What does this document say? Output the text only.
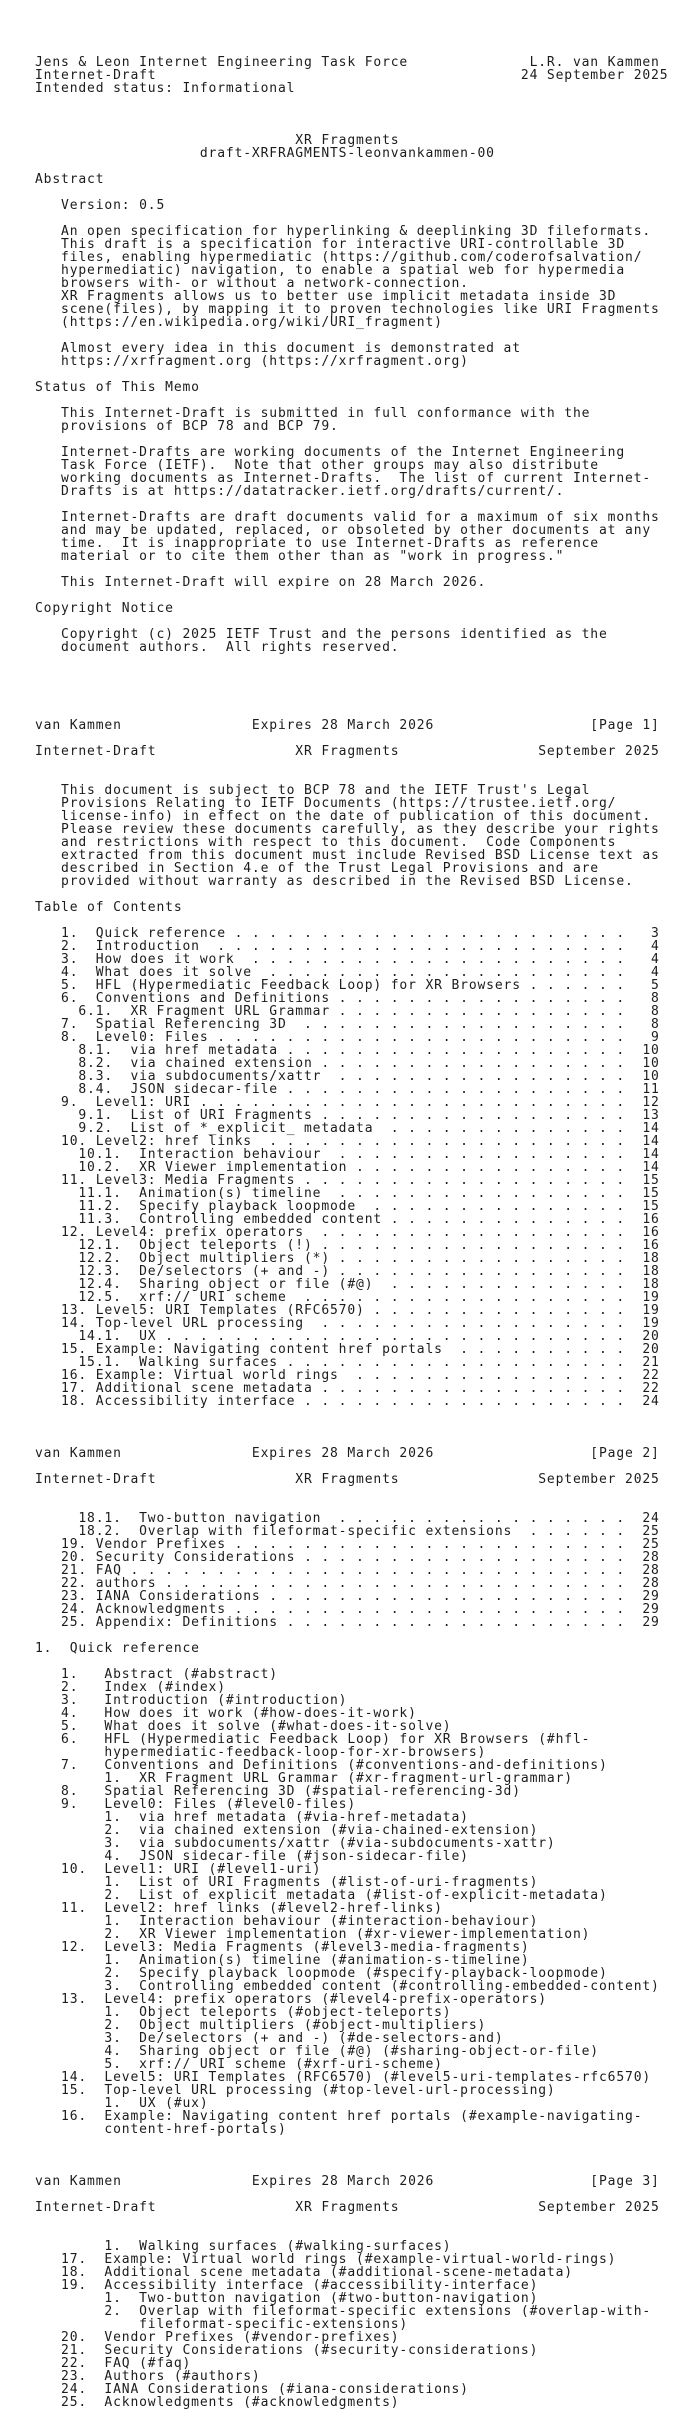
Jens & Leon Internet Engineering Task Force              L.R. van Kammen
Internet-Draft                                          24 September 2025
Intended status: Informational
XR Fragments
draft-XRFRAGMENTS-leonvankammen-00
Abstract
Version: 0.5
An open specification for hyperlinking & deeplinking 3D fileformats.
This draft is a specification for interactive URI-controllable 3D
files, enabling hypermediatic (https://github.com/coderofsalvation/
hypermediatic) navigation, to enable a spatial web for hypermedia
browsers with- or without a network-connection.
XR Fragments allows us to better use implicit metadata inside 3D
scene(files), by mapping it to proven technologies like URI Fragments
(https://en.wikipedia.org/wiki/URI_fragment)
Almost every idea in this document is demonstrated at
https://xrfragment.org (https://xrfragment.org)
Status of This Memo
This Internet-Draft is submitted in full conformance with the
provisions of BCP 78 and BCP 79.
Internet-Drafts are working documents of the Internet Engineering
Task Force (IETF).  Note that other groups may also distribute
working documents as Internet-Drafts.  The list of current Internet-
Drafts is at https://datatracker.ietf.org/drafts/current/.
Internet-Drafts are draft documents valid for a maximum of six months
and may be updated, replaced, or obsoleted by other documents at any
time.  It is inappropriate to use Internet-Drafts as reference
material or to cite them other than as "work in progress."
This Internet-Draft will expire on 28 March 2026.
Copyright Notice
Copyright (c) 2025 IETF Trust and the persons identified as the
document authors.  All rights reserved.
van Kammen               Expires 28 March 2026                  [Page 1]
Internet-Draft                XR Fragments                September 2025
This document is subject to BCP 78 and the IETF Trust's Legal
Provisions Relating to IETF Documents (https://trustee.ietf.org/
license-info) in effect on the date of publication of this document.
Please review these documents carefully, as they describe your rights
and restrictions with respect to this document.  Code Components
extracted from this document must include Revised BSD License text as
described in Section 4.e of the Trust Legal Provisions and are
provided without warranty as described in the Revised BSD License.
Table of Contents
1.  Quick reference . . . . . . . . . . . . . . . . . . . . . . .   3
2.  Introduction  . . . . . . . . . . . . . . . . . . . . . . . .   4
3.  How does it work  . . . . . . . . . . . . . . . . . . . . . .   4
4.  What does it solve  . . . . . . . . . . . . . . . . . . . . .   4
5.  HFL (Hypermediatic Feedback Loop) for XR Browsers . . . . . .   5
6.  Conventions and Definitions . . . . . . . . . . . . . . . . .   8
6.1.  XR Fragment URL Grammar . . . . . . . . . . . . . . . . .   8
7.  Spatial Referencing 3D  . . . . . . . . . . . . . . . . . . .   8
8.  Level0: Files . . . . . . . . . . . . . . . . . . . . . . . .   9
8.1.  via href metadata . . . . . . . . . . . . . . . . . . . .  10
8.2.  via chained extension . . . . . . . . . . . . . . . . . .  10
8.3.  via subdocuments/xattr  . . . . . . . . . . . . . . . . .  10
8.4.  JSON sidecar-file . . . . . . . . . . . . . . . . . . . .  11
9.  Level1: URI . . . . . . . . . . . . . . . . . . . . . . . . .  12
9.1.  List of URI Fragments . . . . . . . . . . . . . . . . . .  13
9.2.  List of *_explicit_ metadata  . . . . . . . . . . . . . .  14
10. Level2: href links  . . . . . . . . . . . . . . . . . . . . .  14
10.1.  Interaction behaviour  . . . . . . . . . . . . . . . . .  14
10.2.  XR Viewer implementation . . . . . . . . . . . . . . . .  14
11. Level3: Media Fragments . . . . . . . . . . . . . . . . . . .  15
11.1.  Animation(s) timeline  . . . . . . . . . . . . . . . . .  15
11.2.  Specify playback loopmode  . . . . . . . . . . . . . . .  15
11.3.  Controlling embedded content . . . . . . . . . . . . . .  16
12. Level4: prefix operators  . . . . . . . . . . . . . . . . . .  16
12.1.  Object teleports (!) . . . . . . . . . . . . . . . . . .  16
12.2.  Object multipliers (*) . . . . . . . . . . . . . . . . .  18
12.3.  De/selectors (+ and -) . . . . . . . . . . . . . . . . .  18
12.4.  Sharing object or file (#@)  . . . . . . . . . . . . . .  18
12.5.  xrf:// URI scheme  . . . . . . . . . . . . . . . . . . .  19
13. Level5: URI Templates (RFC6570) . . . . . . . . . . . . . . .  19
14. Top-level URL processing  . . . . . . . . . . . . . . . . . .  19
14.1.  UX . . . . . . . . . . . . . . . . . . . . . . . . . . .  20
15. Example: Navigating content href portals  . . . . . . . . . .  20
15.1.  Walking surfaces . . . . . . . . . . . . . . . . . . . .  21
16. Example: Virtual world rings  . . . . . . . . . . . . . . . .  22
17. Additional scene metadata . . . . . . . . . . . . . . . . . .  22
18. Accessibility interface . . . . . . . . . . . . . . . . . . .  24
van Kammen               Expires 28 March 2026                  [Page 2]
Internet-Draft                XR Fragments                September 2025
18.1.  Two-button navigation  . . . . . . . . . . . . . . . . .  24
18.2.  Overlap with fileformat-specific extensions  . . . . . .  25
19. Vendor Prefixes . . . . . . . . . . . . . . . . . . . . . . .  25
20. Security Considerations . . . . . . . . . . . . . . . . . . .  28
21. FAQ . . . . . . . . . . . . . . . . . . . . . . . . . . . . .  28
22. authors . . . . . . . . . . . . . . . . . . . . . . . . . . .  28
23. IANA Considerations . . . . . . . . . . . . . . . . . . . . .  29
24. Acknowledgments . . . . . . . . . . . . . . . . . . . . . . .  29
25. Appendix: Definitions . . . . . . . . . . . . . . . . . . . .  29
1.  Quick reference
1.   Abstract (#abstract)
2.   Index (#index)
3.   Introduction (#introduction)
4.   How does it work (#how-does-it-work)
5.   What does it solve (#what-does-it-solve)
6.   HFL (Hypermediatic Feedback Loop) for XR Browsers (#hfl-
hypermediatic-feedback-loop-for-xr-browsers)
7.   Conventions and Definitions (#conventions-and-definitions)
1.  XR Fragment URL Grammar (#xr-fragment-url-grammar)
8.   Spatial Referencing 3D (#spatial-referencing-3d)
9.   Level0: Files (#level0-files)
1.  via href metadata (#via-href-metadata)
2.  via chained extension (#via-chained-extension)
3.  via subdocuments/xattr (#via-subdocuments-xattr)
4.  JSON sidecar-file (#json-sidecar-file)
10.  Level1: URI (#level1-uri)
1.  List of URI Fragments (#list-of-uri-fragments)
2.  List of explicit metadata (#list-of-explicit-metadata)
11.  Level2: href links (#level2-href-links)
1.  Interaction behaviour (#interaction-behaviour)
2.  XR Viewer implementation (#xr-viewer-implementation)
12.  Level3: Media Fragments (#level3-media-fragments)
1.  Animation(s) timeline (#animation-s-timeline)
2.  Specify playback loopmode (#specify-playback-loopmode)
3.  Controlling embedded content (#controlling-embedded-content)
13.  Level4: prefix operators (#level4-prefix-operators)
1.  Object teleports (#object-teleports)
2.  Object multipliers (#object-multipliers)
3.  De/selectors (+ and -) (#de-selectors-and)
4.  Sharing object or file (#@) (#sharing-object-or-file)
5.  xrf:// URI scheme (#xrf-uri-scheme)
14.  Level5: URI Templates (RFC6570) (#level5-uri-templates-rfc6570)
15.  Top-level URL processing (#top-level-url-processing)
1.  UX (#ux)
16.  Example: Navigating content href portals (#example-navigating-
content-href-portals)
van Kammen               Expires 28 March 2026                  [Page 3]
Internet-Draft                XR Fragments                September 2025
1.  Walking surfaces (#walking-surfaces)
17.  Example: Virtual world rings (#example-virtual-world-rings)
18.  Additional scene metadata (#additional-scene-metadata)
19.  Accessibility interface (#accessibility-interface)
1.  Two-button navigation (#two-button-navigation)
2.  Overlap with fileformat-specific extensions (#overlap-with-
fileformat-specific-extensions)
20.  Vendor Prefixes (#vendor-prefixes)
21.  Security Considerations (#security-considerations)
22.  FAQ (#faq)
23.  Authors (#authors)
24.  IANA Considerations (#iana-considerations)
25.  Acknowledgments (#acknowledgments)
